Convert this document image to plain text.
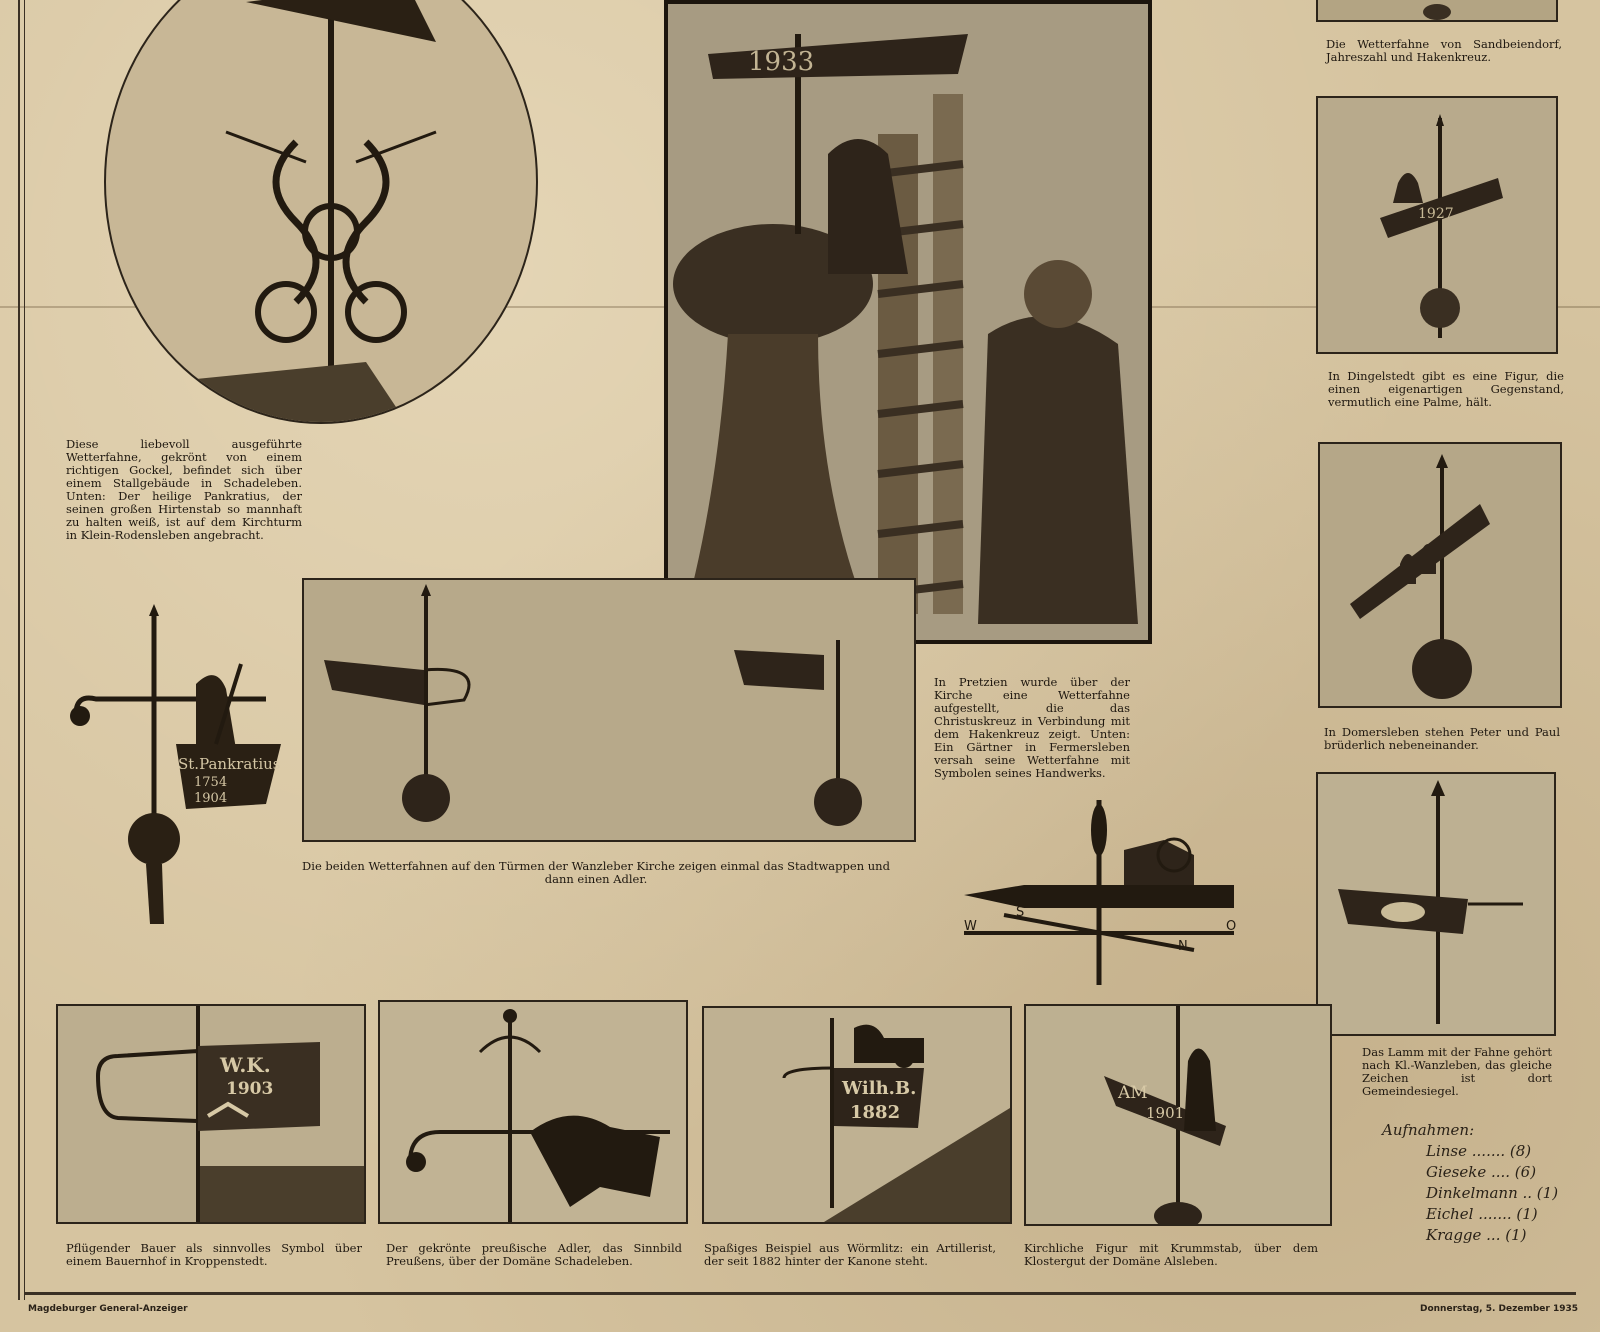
Diese liebevoll ausgeführte Wetterfahne, gekrönt von einem richtigen Gockel, befindet sich über einem Stallgebäude in Schadeleben. Unten: Der heilige Pankratius, der seinen großen Hirtenstab so mannhaft zu halten weiß, ist auf dem Kirchturm in Klein-Rodensleben angebracht.
1933
In Pretzien wurde über der Kirche eine Wetterfahne aufgestellt, die das Christuskreuz in Verbindung mit dem Hakenkreuz zeigt. Unten: Ein Gärtner in Fermersleben versah seine Wetterfahne mit Symbolen seines Handwerks.
Die Wetterfahne von Sandbeiendorf, Jahreszahl und Hakenkreuz.
1927
In Dingelstedt gibt es eine Figur, die einen eigenartigen Gegenstand, vermutlich eine Palme, hält.
In Domersleben stehen Peter und Paul brüderlich nebeneinander.
Das Lamm mit der Fahne gehört nach Kl.-Wanzleben, das gleiche Zeichen ist dort Gemeindesiegel.
St.Pankratius
1754
1904
Die beiden Wetterfahnen auf den Türmen der Wanzleber Kirche zeigen einmal das Stadtwappen und dann einen Adler.
W
S
O
N
W.K.
1903
Pflügender Bauer als sinnvolles Symbol über einem Bauernhof in Kroppenstedt.
Der gekrönte preußische Adler, das Sinnbild Preußens, über der Domäne Schadeleben.
Wilh.B.
1882
Spaßiges Beispiel aus Wörmlitz: ein Artillerist, der seit 1882 hinter der Kanone steht.
AM
1901
Kirchliche Figur mit Krummstab, über dem Klostergut der Domäne Alsleben.
Aufnahmen:
Linse ....... (8)
Gieseke .... (6)
Dinkelmann .. (1)
Eichel ....... (1)
Kragge ... (1)
Magdeburger General-Anzeiger	Donnerstag, 5. Dezember 1935
